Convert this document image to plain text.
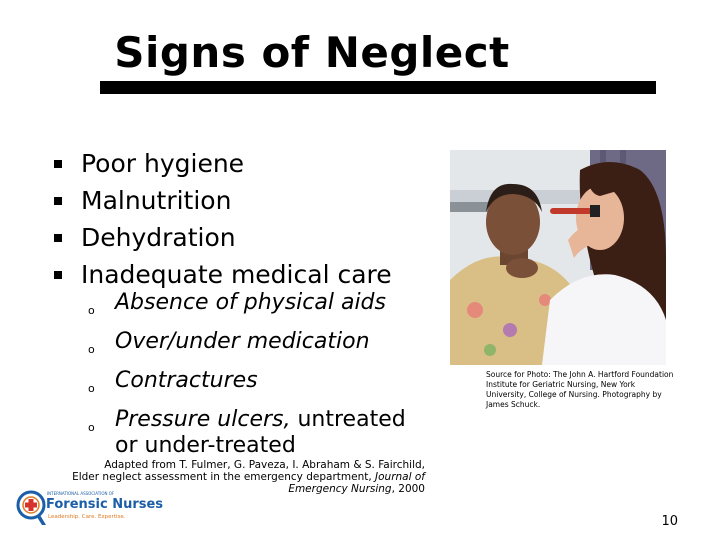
Signs of Neglect
Poor hygiene
Malnutrition
Dehydration
Inadequate medical care
o Absence of physical aids
o Over/under medication
o Contractures
o Pressure ulcers, untreated or under-treated
Adapted from T. Fulmer, G. Paveza, I. Abraham & S. Fairchild,
Elder neglect assessment in the emergency department, Journal of Emergency Nursing, 2000
Source for Photo: The John A. Hartford Foundation Institute for Geriatric Nursing, New York University, College of Nursing. Photography by James Schuck.
INTERNATIONAL ASSOCIATION OF
Forensic Nurses
Leadership. Care. Expertise.	10
